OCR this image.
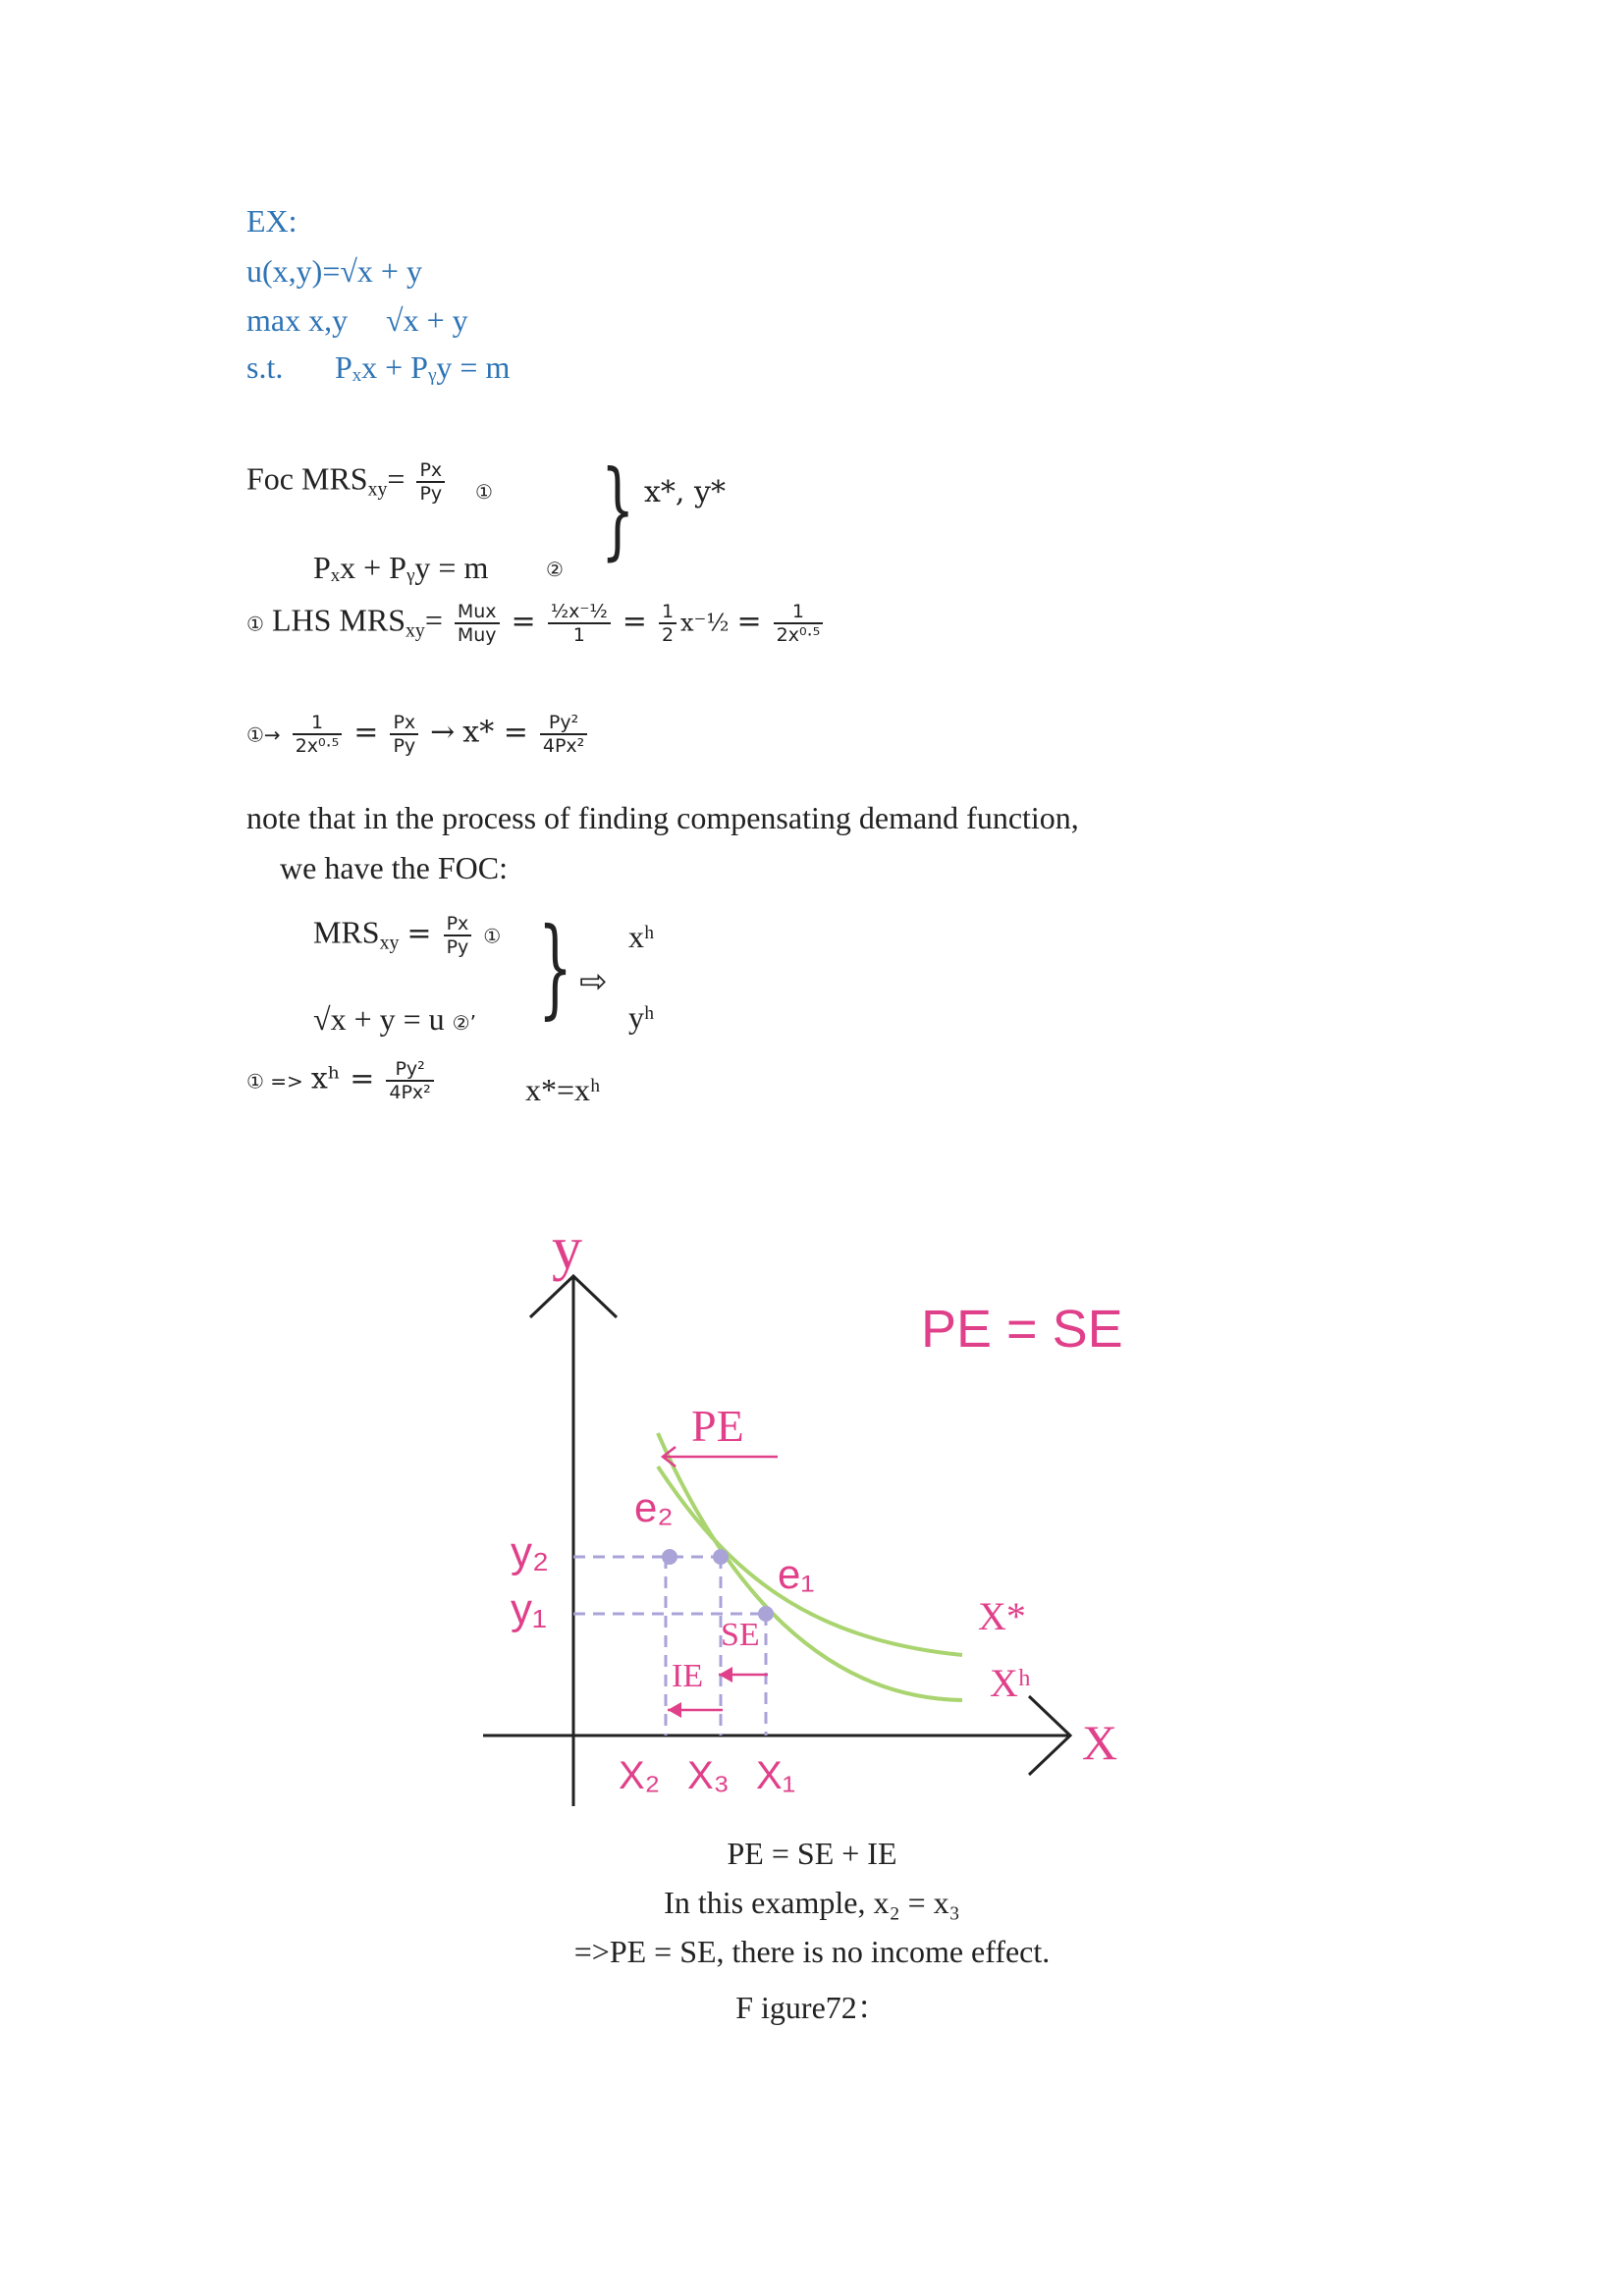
EX:
u(x,y)=√x + y
max x,y √x + y
s.t. Pₓx + Pᵧy = m
Foc $MRS_{xy}= \frac{Px}{Py}$ ①
Pₓx + Pᵧy = m	② } x*, y*
① LHS $MRS_{xy}= \frac{\text{Mux}}{\text{Muy}} = \frac{\text{½x⁻½}}{1} = \frac{1}{2}$ x⁻½ = $\frac{1}{\text{2x⁰·⁵}}$
①→ $\frac{1}{\text{2x⁰·⁵}} = \frac{Px}{Py} \to x* = \frac{\text{Py²}}{\text{4Px²}}$
note that in the process of finding compensating demand function,
we have the FOC:
$MRS_{xy} = \frac{Px}{Py}$ ①
√x + y = u ②’ } ⇨
xʰ
yʰ
① => xʰ = $\frac{\text{Py²}}{\text{4Px²}}$	x*=xʰ
y
X
PE = SE
PE
e₂
e₁
y₂
y₁
SE
IE
X*
Xʰ
X₂ X₃ X₁
PE = SE + IE
In this example, x₂ = x₃
=>PE = SE, there is no income effect.
F igure72：
